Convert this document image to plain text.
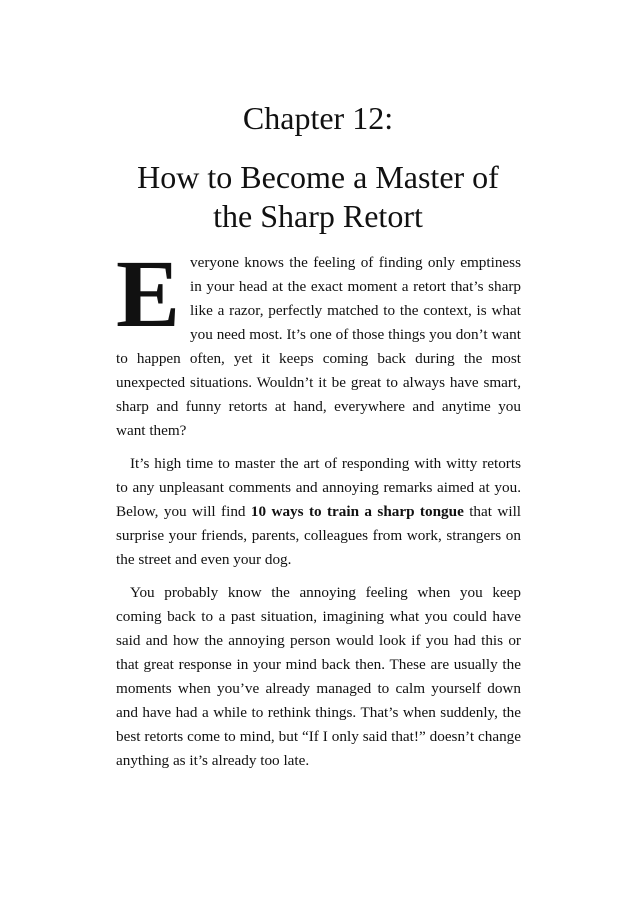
Chapter 12:
How to Become a Master of
the Sharp Retort

Everyone knows the feeling of finding only emptiness in your head at the exact moment a retort that’s sharp like a razor, perfectly matched to the context, is what you need most. It’s one of those things you don’t want to happen often, yet it keeps coming back during the most unexpected situations. Wouldn’t it be great to always have smart, sharp and funny retorts at hand, everywhere and anytime you want them?

It’s high time to master the art of responding with witty retorts to any unpleasant comments and annoying remarks aimed at you. Below, you will find 10 ways to train a sharp tongue that will surprise your friends, parents, colleagues from work, strangers on the street and even your dog.

You probably know the annoying feeling when you keep coming back to a past situation, imagining what you could have said and how the annoying person would look if you had this or that great response in your mind back then. These are usually the moments when you’ve already managed to calm yourself down and have had a while to rethink things. That’s when suddenly, the best retorts come to mind, but “If I only said that!” doesn’t change anything as it’s already too late.
